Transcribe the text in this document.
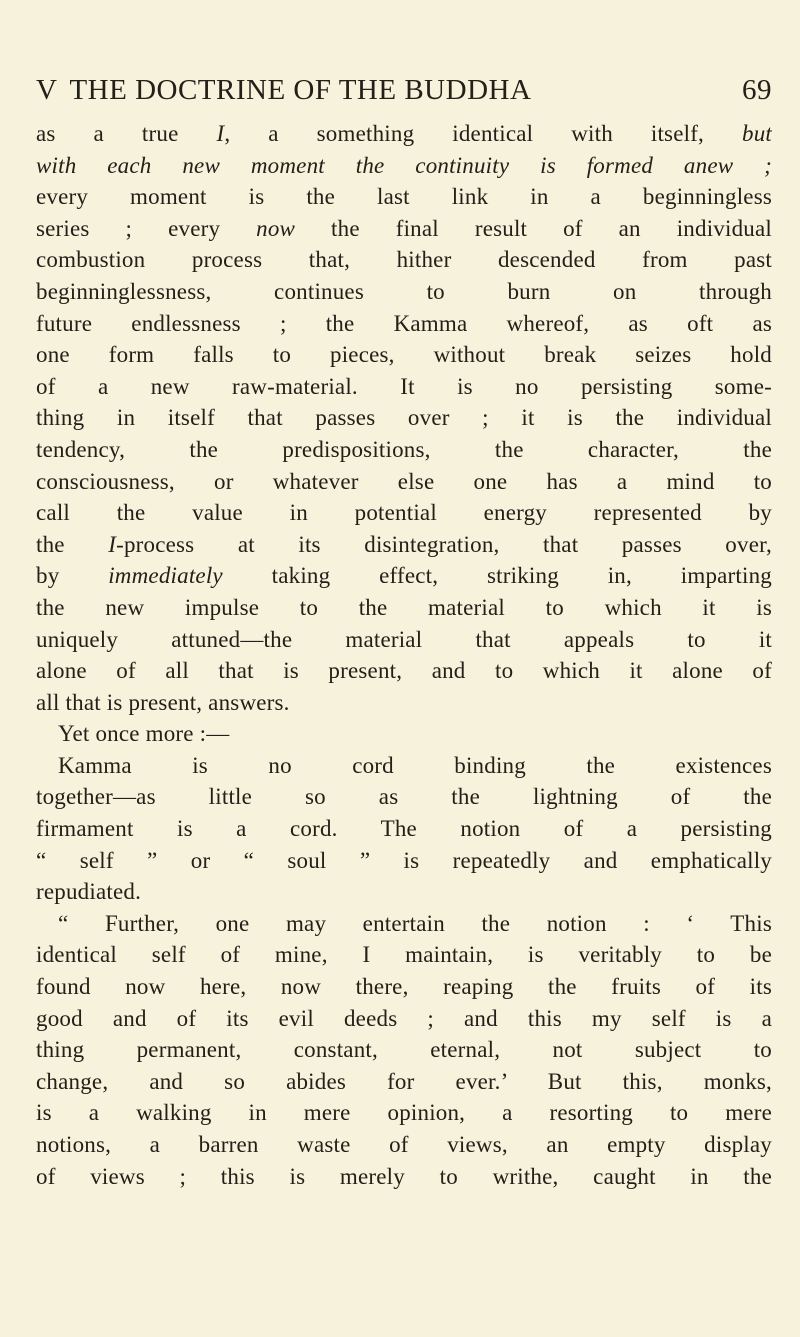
V THE DOCTRINE OF THE BUDDHA	69
as a true I, a something identical with itself, but
with each new moment the continuity is formed anew ;
every moment is the last link in a beginningless
series ; every now the final result of an individual
combustion process that, hither descended from past
beginninglessness, continues to burn on through
future endlessness ; the Kamma whereof, as oft as
one form falls to pieces, without break seizes hold
of a new raw-material. It is no persisting some-
thing in itself that passes over ; it is the individual
tendency, the predispositions, the character, the
consciousness, or whatever else one has a mind to
call the value in potential energy represented by
the I-process at its disintegration, that passes over,
by immediately taking effect, striking in, imparting
the new impulse to the material to which it is
uniquely attuned—the material that appeals to it
alone of all that is present, and to which it alone of
all that is present, answers.
Yet once more :—
Kamma is no cord binding the existences
together—as little so as the lightning of the
firmament is a cord. The notion of a persisting
“ self ” or “ soul ” is repeatedly and emphatically
repudiated.
“ Further, one may entertain the notion : ‘ This
identical self of mine, I maintain, is veritably to be
found now here, now there, reaping the fruits of its
good and of its evil deeds ; and this my self is a
thing permanent, constant, eternal, not subject to
change, and so abides for ever.’ But this, monks,
is a walking in mere opinion, a resorting to mere
notions, a barren waste of views, an empty display
of views ; this is merely to writhe, caught in the
